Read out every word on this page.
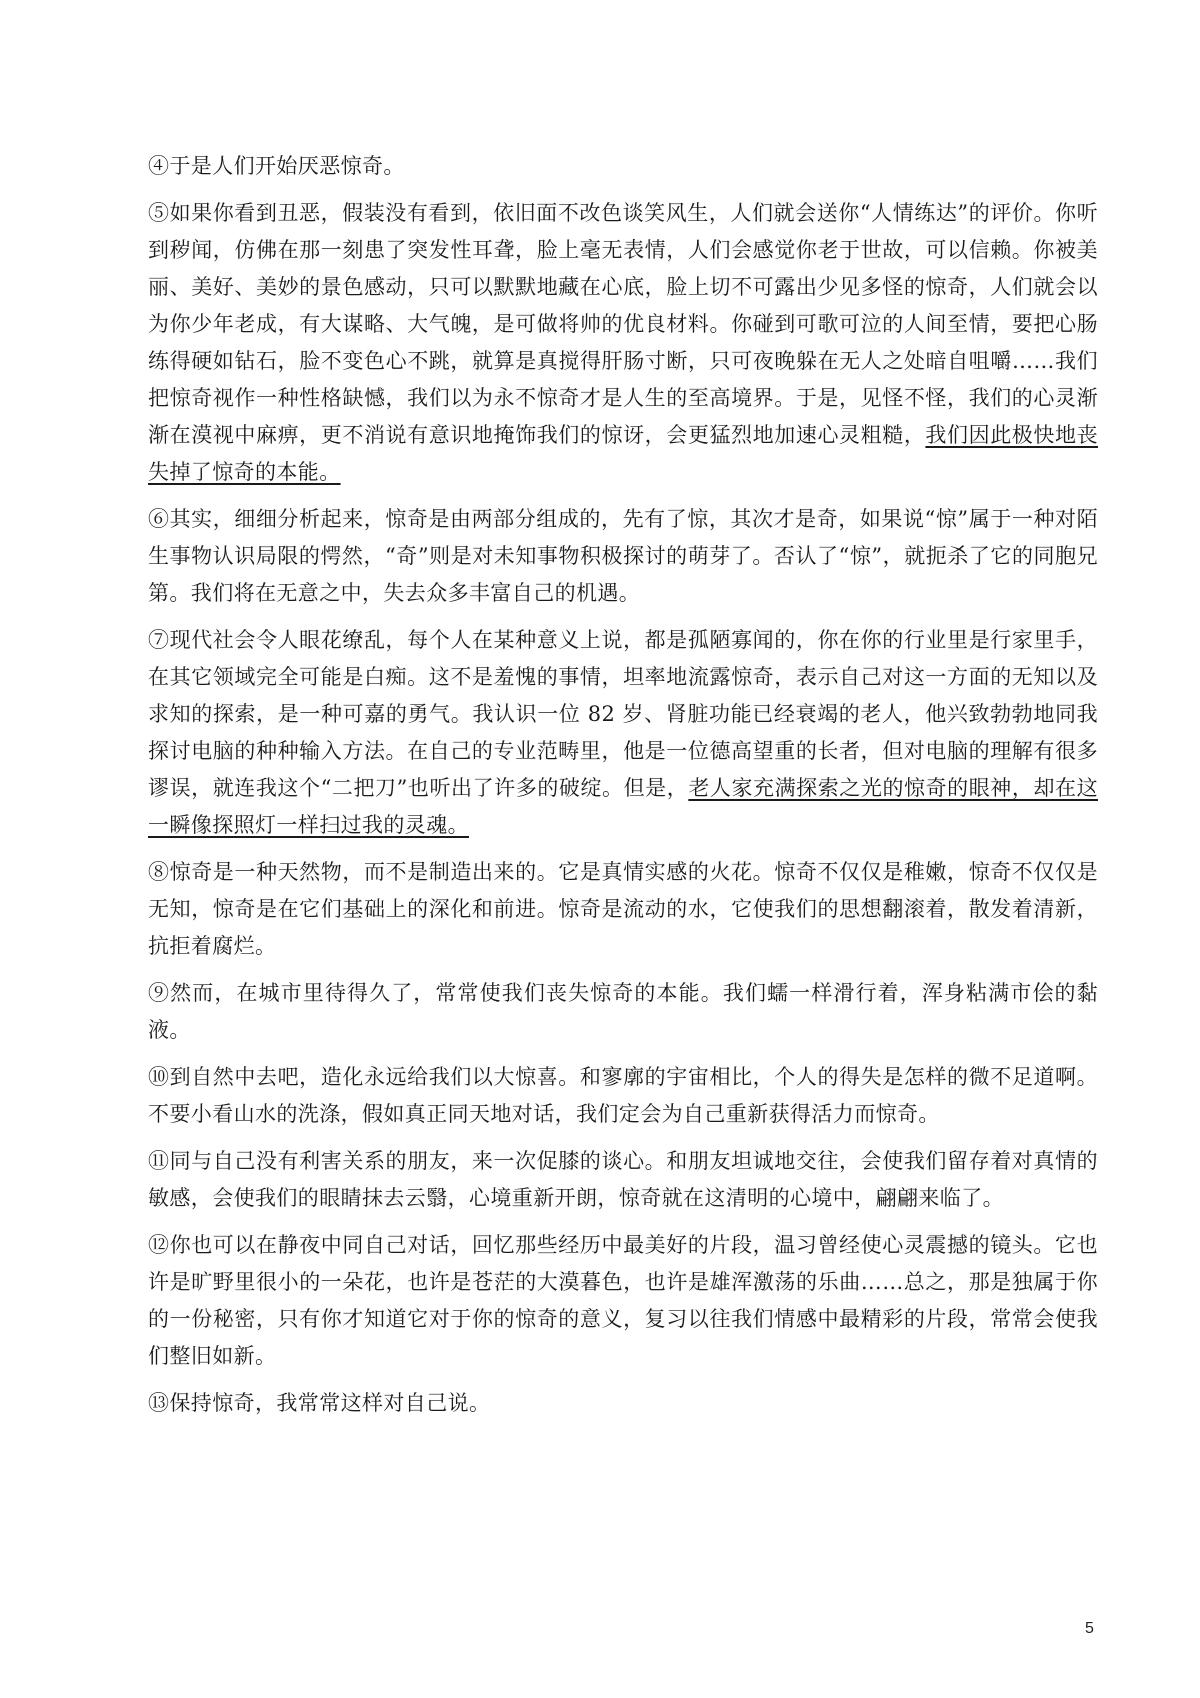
④于是人们开始厌恶惊奇。

⑤如果你看到丑恶，假装没有看到，依旧面不改色谈笑风生，人们就会送你“人情练达”的评价。你听到秽闻，仿佛在那一刻患了突发性耳聋，脸上毫无表情，人们会感觉你老于世故，可以信赖。你被美丽、美好、美妙的景色感动，只可以默默地藏在心底，脸上切不可露出少见多怪的惊奇，人们就会以为你少年老成，有大谋略、大气魄，是可做将帅的优良材料。你碰到可歌可泣的人间至情，要把心肠练得硬如钻石，脸不变色心不跳，就算是真搅得肝肠寸断，只可夜晚躲在无人之处暗自咀嚼……我们把惊奇视作一种性格缺憾，我们以为永不惊奇才是人生的至高境界。于是，见怪不怪，我们的心灵渐渐在漠视中麻痹，更不消说有意识地掩饰我们的惊讶，会更猛烈地加速心灵粗糙，我们因此极快地丧失掉了惊奇的本能。

⑥其实，细细分析起来，惊奇是由两部分组成的，先有了惊，其次才是奇，如果说“惊”属于一种对陌生事物认识局限的愕然，“奇”则是对未知事物积极探讨的萌芽了。否认了“惊”，就扼杀了它的同胞兄第。我们将在无意之中，失去众多丰富自己的机遇。

⑦现代社会令人眼花缭乱，每个人在某种意义上说，都是孤陋寡闻的，你在你的行业里是行家里手，在其它领域完全可能是白痴。这不是羞愧的事情，坦率地流露惊奇，表示自己对这一方面的无知以及求知的探索，是一种可嘉的勇气。我认识一位 82 岁、肾脏功能已经衰竭的老人，他兴致勃勃地同我探讨电脑的种种输入方法。在自己的专业范畴里，他是一位德高望重的长者，但对电脑的理解有很多谬误，就连我这个“二把刀”也听出了许多的破绽。但是，老人家充满探索之光的惊奇的眼神，却在这一瞬像探照灯一样扫过我的灵魂。

⑧惊奇是一种天然物，而不是制造出来的。它是真情实感的火花。惊奇不仅仅是稚嫩，惊奇不仅仅是无知，惊奇是在它们基础上的深化和前进。惊奇是流动的水，它使我们的思想翻滚着，散发着清新，抗拒着腐烂。

⑨然而，在城市里待得久了，常常使我们丧失惊奇的本能。我们蠕一样滑行着，浑身粘满市侩的黏液。

⑩到自然中去吧，造化永远给我们以大惊喜。和寥廓的宇宙相比，个人的得失是怎样的微不足道啊。不要小看山水的洗涤，假如真正同天地对话，我们定会为自己重新获得活力而惊奇。

⑪同与自己没有利害关系的朋友，来一次促膝的谈心。和朋友坦诚地交往，会使我们留存着对真情的敏感，会使我们的眼睛抹去云翳，心境重新开朗，惊奇就在这清明的心境中，翩翩来临了。

⑫你也可以在静夜中同自己对话，回忆那些经历中最美好的片段，温习曾经使心灵震撼的镜头。它也许是旷野里很小的一朵花，也许是苍茫的大漠暮色，也许是雄浑激荡的乐曲……总之，那是独属于你的一份秘密，只有你才知道它对于你的惊奇的意义，复习以往我们情感中最精彩的片段，常常会使我们整旧如新。

⑬保持惊奇，我常常这样对自己说。

5
